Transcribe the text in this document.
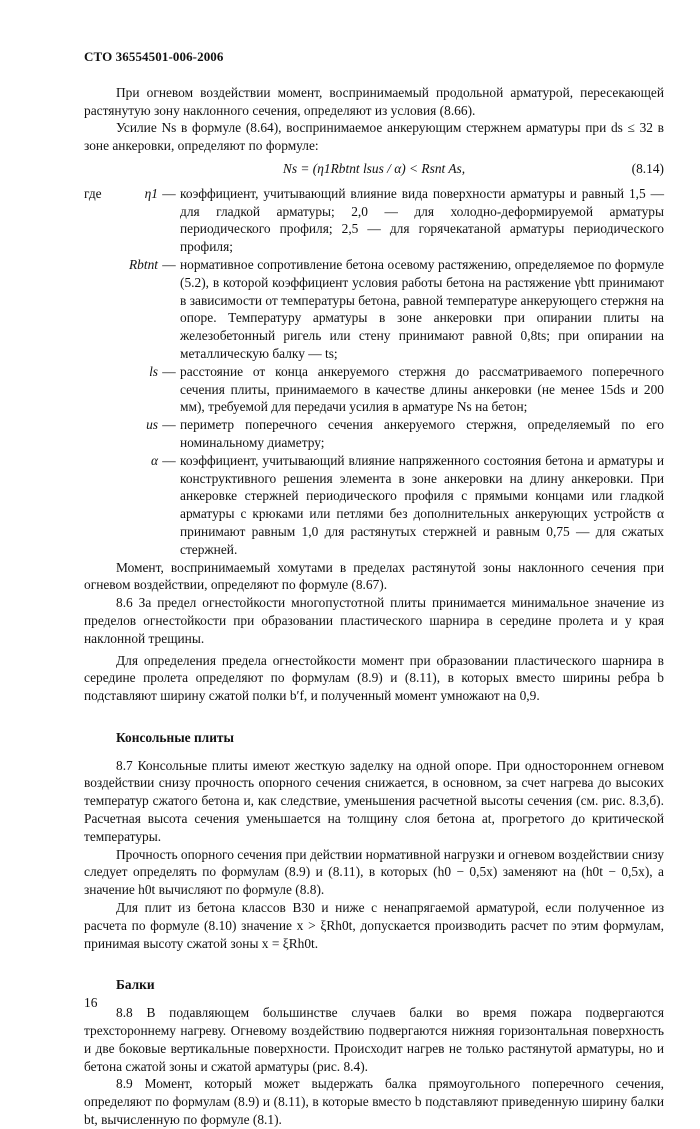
СТО 36554501-006-2006

При огневом воздействии момент, воспринимаемый продольной арматурой, пересекающей растянутую зону наклонного сечения, определяют из условия (8.66).

Усилие Ns в формуле (8.64), воспринимаемое анкерующим стержнем арматуры при ds ≤ 32 в зоне анкеровки, определяют по формуле:

Ns = (η1Rbtnt lsus / α) < Rsnt As,	(8.14)
где	η1 — коэффициент, учитывающий влияние вида поверхности арматуры и равный 1,5 — для гладкой арматуры; 2,0 — для холодно-деформируемой арматуры периодического профиля; 2,5 — для горячекатаной арматуры периодического профиля;
Rbtnt — нормативное сопротивление бетона осевому растяжению, определяемое по формуле (5.2), в которой коэффициент условия работы бетона на растяжение γbtt принимают в зависимости от температуры бетона, равной температуре анкерующего стержня на опоре. Температуру арматуры в зоне анкеровки при опирании плиты на железобетонный ригель или стену принимают равной 0,8ts; при опирании на металлическую балку — ts;
ls — расстояние от конца анкеруемого стержня до рассматриваемого поперечного сечения плиты, принимаемого в качестве длины анкеровки (не менее 15ds и 200 мм), требуемой для передачи усилия в арматуре Ns на бетон;
us — периметр поперечного сечения анкеруемого стержня, определяемый по его номинальному диаметру;
α — коэффициент, учитывающий влияние напряженного состояния бетона и арматуры и конструктивного решения элемента в зоне анкеровки на длину анкеровки. При анкеровке стержней периодического профиля с прямыми концами или гладкой арматуры с крюками или петлями без дополнительных анкерующих устройств α принимают равным 1,0 для растянутых стержней и равным 0,75 — для сжатых стержней.

Момент, воспринимаемый хомутами в пределах растянутой зоны наклонного сечения при огневом воздействии, определяют по формуле (8.67).

8.6 За предел огнестойкости многопустотной плиты принимается минимальное значение из пределов огнестойкости при образовании пластического шарнира в середине пролета и у края наклонной трещины.

Для определения предела огнестойкости момент при образовании пластического шарнира в середине пролета определяют по формулам (8.9) и (8.11), в которых вместо ширины ребра b подставляют ширину сжатой полки b′f, и полученный момент умножают на 0,9.

Консольные плиты

8.7 Консольные плиты имеют жесткую заделку на одной опоре. При одностороннем огневом воздействии снизу прочность опорного сечения снижается, в основном, за счет нагрева до высоких температур сжатого бетона и, как следствие, уменьшения расчетной высоты сечения (см. рис. 8.3,б). Расчетная высота сечения уменьшается на толщину слоя бетона at, прогретого до критической температуры.

Прочность опорного сечения при действии нормативной нагрузки и огневом воздействии снизу следует определять по формулам (8.9) и (8.11), в которых (h0 − 0,5x) заменяют на (h0t − 0,5x), а значение h0t вычисляют по формуле (8.8).

Для плит из бетона классов В30 и ниже с ненапрягаемой арматурой, если полученное из расчета по формуле (8.10) значение x > ξRh0t, допускается производить расчет по этим формулам, принимая высоту сжатой зоны x = ξRh0t.

Балки

8.8 В подавляющем большинстве случаев балки во время пожара подвергаются трехстороннему нагреву. Огневому воздействию подвергаются нижняя горизонтальная поверхность и две боковые вертикальные поверхности. Происходит нагрев не только растянутой арматуры, но и бетона сжатой зоны и сжатой арматуры (рис. 8.4).

8.9 Момент, который может выдержать балка прямоугольного поперечного сечения, определяют по формулам (8.9) и (8.11), в которые вместо b подставляют приведенную ширину балки bt, вычисленную по формуле (8.1).

16
